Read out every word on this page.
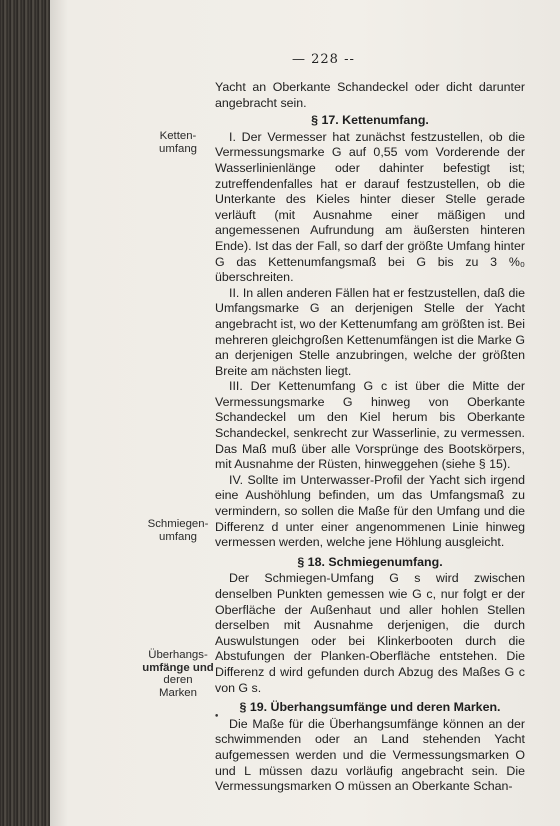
— 228 --
Ketten-
umfang
Schmiegen-
umfang
Überhangs-
umfänge und
deren
Marken
•

Yacht an Oberkante Schandeckel oder dicht darunter angebracht sein.

§ 17. Kettenumfang.

I. Der Vermesser hat zunächst festzustellen, ob die Vermessungsmarke G auf 0,55 vom Vorderende der Wasserlinienlänge oder dahinter befestigt ist; zutreffendenfalles hat er darauf festzustellen, ob die Unterkante des Kieles hinter dieser Stelle gerade verläuft (mit Ausnahme einer mäßigen und angemessenen Aufrundung am äußersten hinteren Ende). Ist das der Fall, so darf der größte Umfang hinter G das Kettenumfangsmaß bei G bis zu 3 %₀ überschreiten.

II. In allen anderen Fällen hat er festzustellen, daß die Umfangsmarke G an derjenigen Stelle der Yacht angebracht ist, wo der Kettenumfang am größten ist. Bei mehreren gleichgroßen Kettenumfängen ist die Marke G an derjenigen Stelle anzubringen, welche der größten Breite am nächsten liegt.

III. Der Kettenumfang G c ist über die Mitte der Vermessungsmarke G hinweg von Oberkante Schandeckel um den Kiel herum bis Oberkante Schandeckel, senkrecht zur Wasserlinie, zu vermessen. Das Maß muß über alle Vorsprünge des Bootskörpers, mit Ausnahme der Rüsten, hinweggehen (siehe § 15).

IV. Sollte im Unterwasser-Profil der Yacht sich irgend eine Aushöhlung befinden, um das Umfangsmaß zu vermindern, so sollen die Maße für den Umfang und die Differenz d unter einer angenommenen Linie hinweg vermessen werden, welche jene Höhlung ausgleicht.

§ 18. Schmiegenumfang.

Der Schmiegen-Umfang G s wird zwischen denselben Punkten gemessen wie G c, nur folgt er der Oberfläche der Außenhaut und aller hohlen Stellen derselben mit Ausnahme derjenigen, die durch Auswulstungen oder bei Klinkerbooten durch die Abstufungen der Planken-Oberfläche entstehen. Die Differenz d wird gefunden durch Abzug des Maßes G c von G s.

§ 19. Überhangsumfänge und deren Marken.

Die Maße für die Überhangsumfänge können an der schwimmenden oder an Land stehenden Yacht aufgemessen werden und die Vermessungsmarken O und L müssen dazu vorläufig angebracht sein. Die Vermessungsmarken O müssen an Oberkante Schan-
